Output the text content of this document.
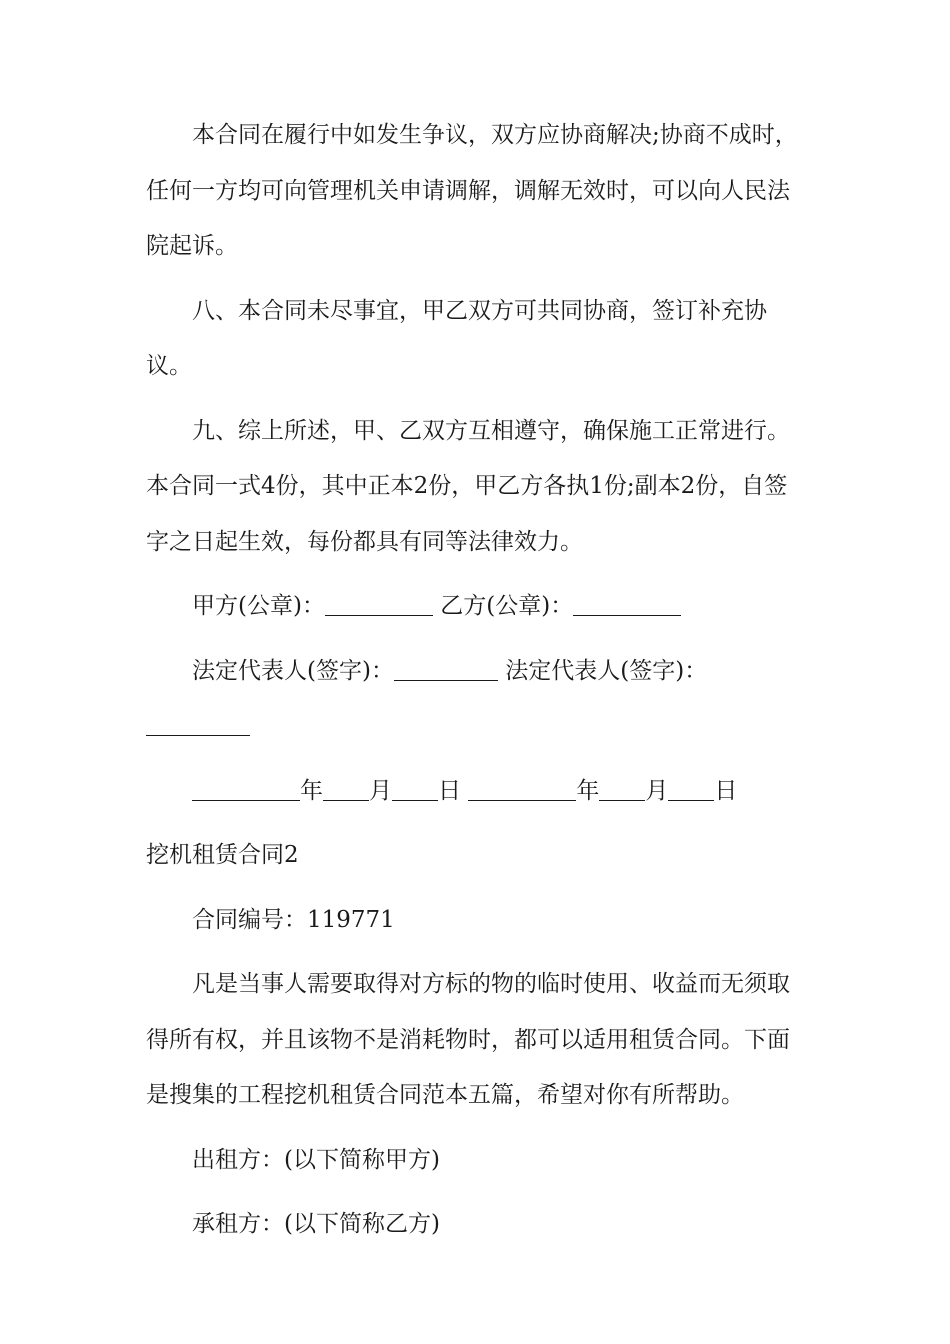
本合同在履行中如发生争议，双方应协商解决;协商不成时，任何一方均可向管理机关申请调解，调解无效时，可以向人民法院起诉。

八、本合同未尽事宜，甲乙双方可共同协商，签订补充协议。

九、综上所述，甲、乙双方互相遵守，确保施工正常进行。本合同一式4份，其中正本2份，甲乙方各执1份;副本2份，自签字之日起生效，每份都具有同等法律效力。

甲方(公章)：	乙方(公章)：

法定代表人(签字)：	法定代表人(签字)：

年 月 日	年 月 日

挖机租赁合同2

合同编号：119771

凡是当事人需要取得对方标的物的临时使用、收益而无须取得所有权，并且该物不是消耗物时，都可以适用租赁合同。下面是搜集的工程挖机租赁合同范本五篇，希望对你有所帮助。

出租方：(以下简称甲方)

承租方：(以下简称乙方)
